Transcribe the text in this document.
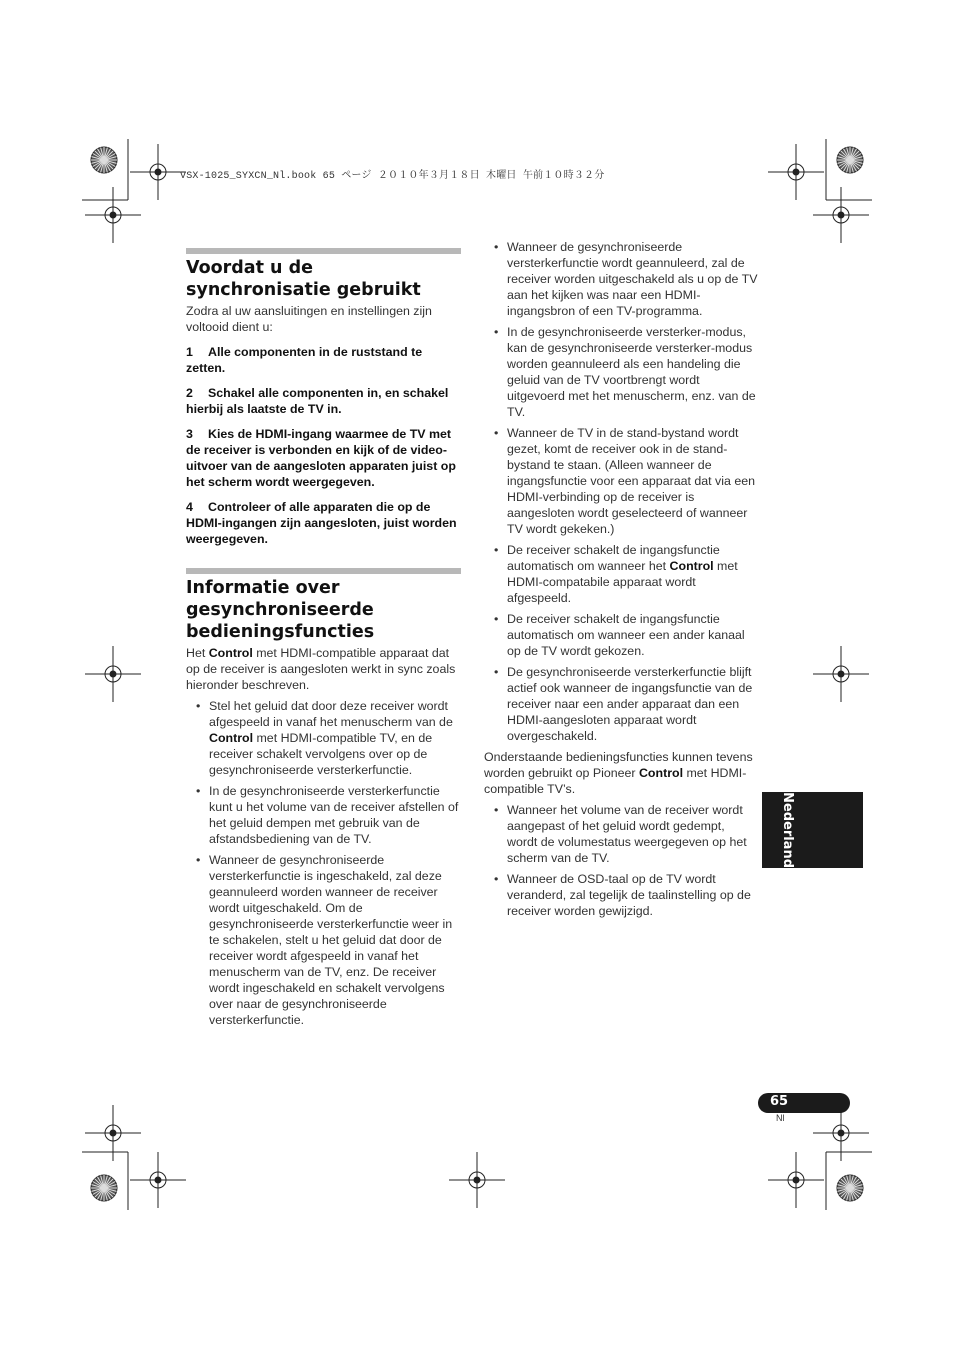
VSX-1025_SYXCN_Nl.book 65 ページ ２０１０年３月１８日 木曜日 午前１０時３２分
Voordat u de synchronisatie gebruikt

Zodra al uw aansluitingen en instellingen zijn voltooid dient u:

1 Alle componenten in de ruststand te zetten.

2 Schakel alle componenten in, en schakel hierbij als laatste de TV in.

3 Kies de HDMI-ingang waarmee de TV met de receiver is verbonden en kijk of de video-uitvoer van de aangesloten apparaten juist op het scherm wordt weergegeven.

4 Controleer of alle apparaten die op de HDMI-ingangen zijn aangesloten, juist worden weergegeven.

Informatie over gesynchroniseerde bedieningsfuncties

Het Control met HDMI-compatible apparaat dat op de receiver is aangesloten werkt in sync zoals hieronder beschreven.

• Stel het geluid dat door deze receiver wordt afgespeeld in vanaf het menuscherm van de Control met HDMI-compatible TV, en de receiver schakelt vervolgens over op de gesynchroniseerde versterkerfunctie.
• In de gesynchroniseerde versterkerfunctie kunt u het volume van de receiver afstellen of het geluid dempen met gebruik van de afstandsbediening van de TV.
• Wanneer de gesynchroniseerde versterkerfunctie is ingeschakeld, zal deze geannuleerd worden wanneer de receiver wordt uitgeschakeld. Om de gesynchroniseerde versterkerfunctie weer in te schakelen, stelt u het geluid dat door de receiver wordt afgespeeld in vanaf het menuscherm van de TV, enz. De receiver wordt ingeschakeld en schakelt vervolgens over naar de gesynchroniseerde versterkerfunctie.
• Wanneer de gesynchroniseerde versterkerfunctie wordt geannuleerd, zal de receiver worden uitgeschakeld als u op de TV aan het kijken was naar een HDMI-ingangsbron of een TV-programma.
• In de gesynchroniseerde versterker-modus, kan de gesynchroniseerde versterker-modus worden geannuleerd als een handeling die geluid van de TV voortbrengt wordt uitgevoerd met het menuscherm, enz. van de TV.
• Wanneer de TV in de stand-bystand wordt gezet, komt de receiver ook in de stand-bystand te staan. (Alleen wanneer de ingangsfunctie voor een apparaat dat via een HDMI-verbinding op de receiver is aangesloten wordt geselecteerd of wanneer TV wordt gekeken.)
• De receiver schakelt de ingangsfunctie automatisch om wanneer het Control met HDMI-compatabile apparaat wordt afgespeeld.
• De receiver schakelt de ingangsfunctie automatisch om wanneer een ander kanaal op de TV wordt gekozen.
• De gesynchroniseerde versterkerfunctie blijft actief ook wanneer de ingangsfunctie van de receiver naar een ander apparaat dan een HDMI-aangesloten apparaat wordt overgeschakeld.

Onderstaande bedieningsfuncties kunnen tevens worden gebruikt op Pioneer Control met HDMI-compatible TV’s.

• Wanneer het volume van de receiver wordt aangepast of het geluid wordt gedempt, wordt de volumestatus weergegeven op het scherm van de TV.
• Wanneer de OSD-taal op de TV wordt veranderd, zal tegelijk de taalinstelling op de receiver worden gewijzigd.
Nederlands
65
Nl
